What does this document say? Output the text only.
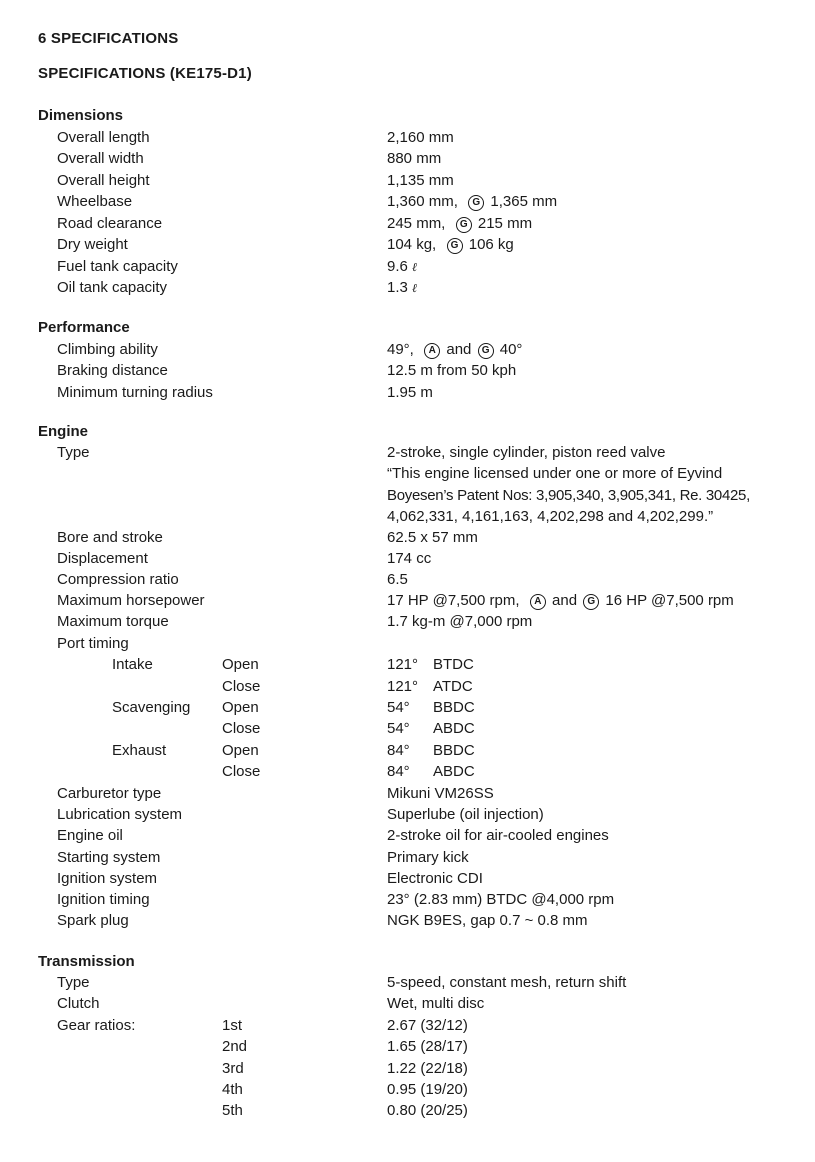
6 SPECIFICATIONS
SPECIFICATIONS (KE175-D1)
Dimensions
Overall length	2,160 mm
Overall width	880 mm
Overall height	1,135 mm
Wheelbase	1,360 mm, G 1,365 mm
Road clearance	245 mm, G 215 mm
Dry weight	104 kg, G 106 kg
Fuel tank capacity	9.6 ℓ
Oil tank capacity	1.3 ℓ
Performance
Climbing ability	49°, A and G 40°
Braking distance	12.5 m from 50 kph
Minimum turning radius	1.95 m
Engine
Type	2-stroke, single cylinder, piston reed valve
“This engine licensed under one or more of Eyvind
Boyesen’s Patent Nos: 3,905,340, 3,905,341, Re. 30425,
4,062,331, 4,161,163, 4,202,298 and 4,202,299.”
Bore and stroke	62.5 x 57 mm
Displacement	174 cc
Compression ratio	6.5
Maximum horsepower	17 HP @7,500 rpm, A and G 16 HP @7,500 rpm
Maximum torque	1.7 kg-m @7,000 rpm
Port timing
Intake	Open	121° BTDC
Close	121° ATDC
Scavenging Open	54° BBDC
Close	54° ABDC
Exhaust	Open	84° BBDC
Close	84° ABDC
Carburetor type	Mikuni VM26SS
Lubrication system	Superlube (oil injection)
Engine oil	2-stroke oil for air-cooled engines
Starting system	Primary kick
Ignition system	Electronic CDI
Ignition timing	23° (2.83 mm) BTDC @4,000 rpm
Spark plug	NGK B9ES, gap 0.7 ~ 0.8 mm
Transmission
Type	5-speed, constant mesh, return shift
Clutch	Wet, multi disc
Gear ratios:	1st	2.67 (32/12)
2nd	1.65 (28/17)
3rd	1.22 (22/18)
4th	0.95 (19/20)
5th	0.80 (20/25)
